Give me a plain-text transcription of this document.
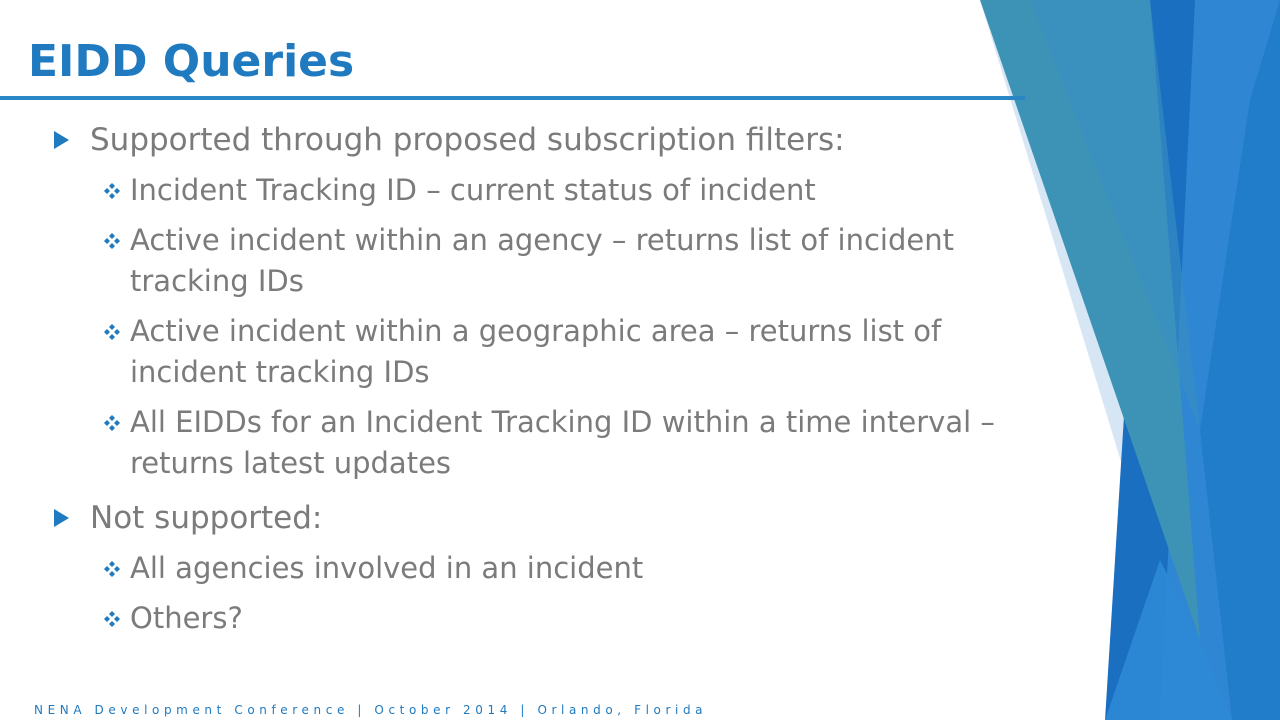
EIDD Queries
Supported through proposed subscription filters:
Incident Tracking ID – current status of incident
Active incident within an agency – returns list of incident tracking IDs
Active incident within a geographic area – returns list of incident tracking IDs
All EIDDs for an Incident Tracking ID within a time interval – returns latest updates
Not supported:
All agencies involved in an incident
Others?
NENA Development Conference | October 2014 | Orlando, Florida
